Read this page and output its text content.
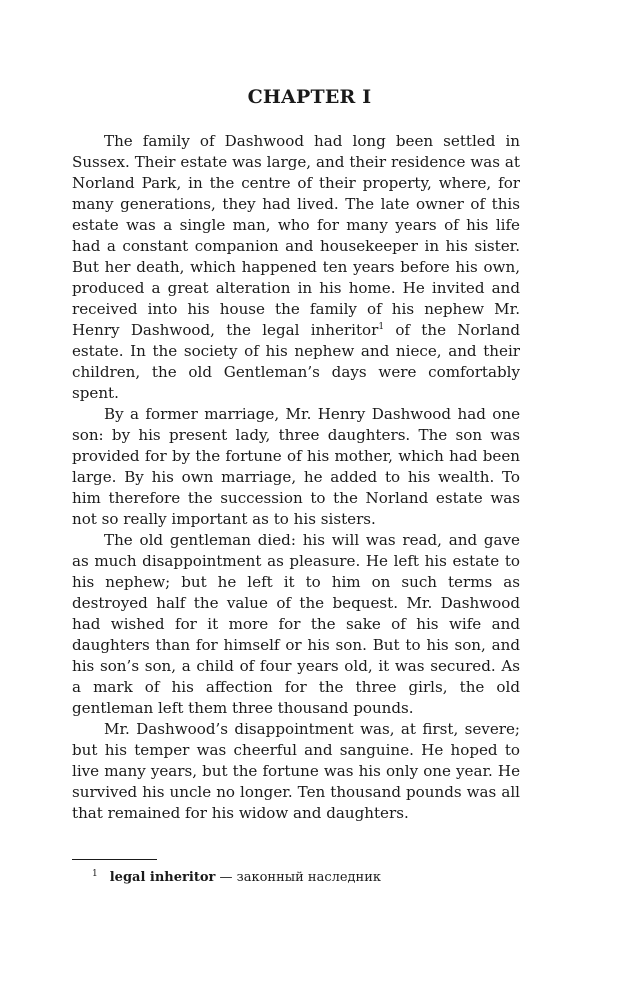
CHAPTER I

The family of Dashwood had long been settled in Sussex. Their estate was large, and their residence was at Norland Park, in the centre of their property, where, for many generations, they had lived. The late owner of this estate was a single man, who for many years of his life had a constant companion and housekeeper in his sister. But her death, which happened ten years before his own, produced a great alteration in his home. He invited and received into his house the family of his nephew Mr. Henry Dashwood, the legal inheritor$^1$ of the Norland estate. In the society of his nephew and niece, and their children, the old Gentleman’s days were comfortably spent.

By a former marriage, Mr. Henry Dashwood had one son: by his present lady, three daughters. The son was provided for by the fortune of his mother, which had been large. By his own marriage, he added to his wealth. To him therefore the succession to the Norland estate was not so really important as to his sisters.

The old gentleman died: his will was read, and gave as much disappointment as pleasure. He left his estate to his nephew; but he left it to him on such terms as destroyed half the value of the bequest. Mr. Dashwood had wished for it more for the sake of his wife and daughters than for himself or his son. But to his son, and his son’s son, a child of four years old, it was secured. As a mark of his affection for the three girls, the old gentleman left them three thousand pounds.

Mr. Dashwood’s disappointment was, at first, severe; but his temper was cheerful and sanguine. He hoped to live many years, but the fortune was his only one year. He survived his uncle no longer. Ten thousand pounds was all that remained for his widow and daughters.

$^1$ legal inheritor — законный наследник
